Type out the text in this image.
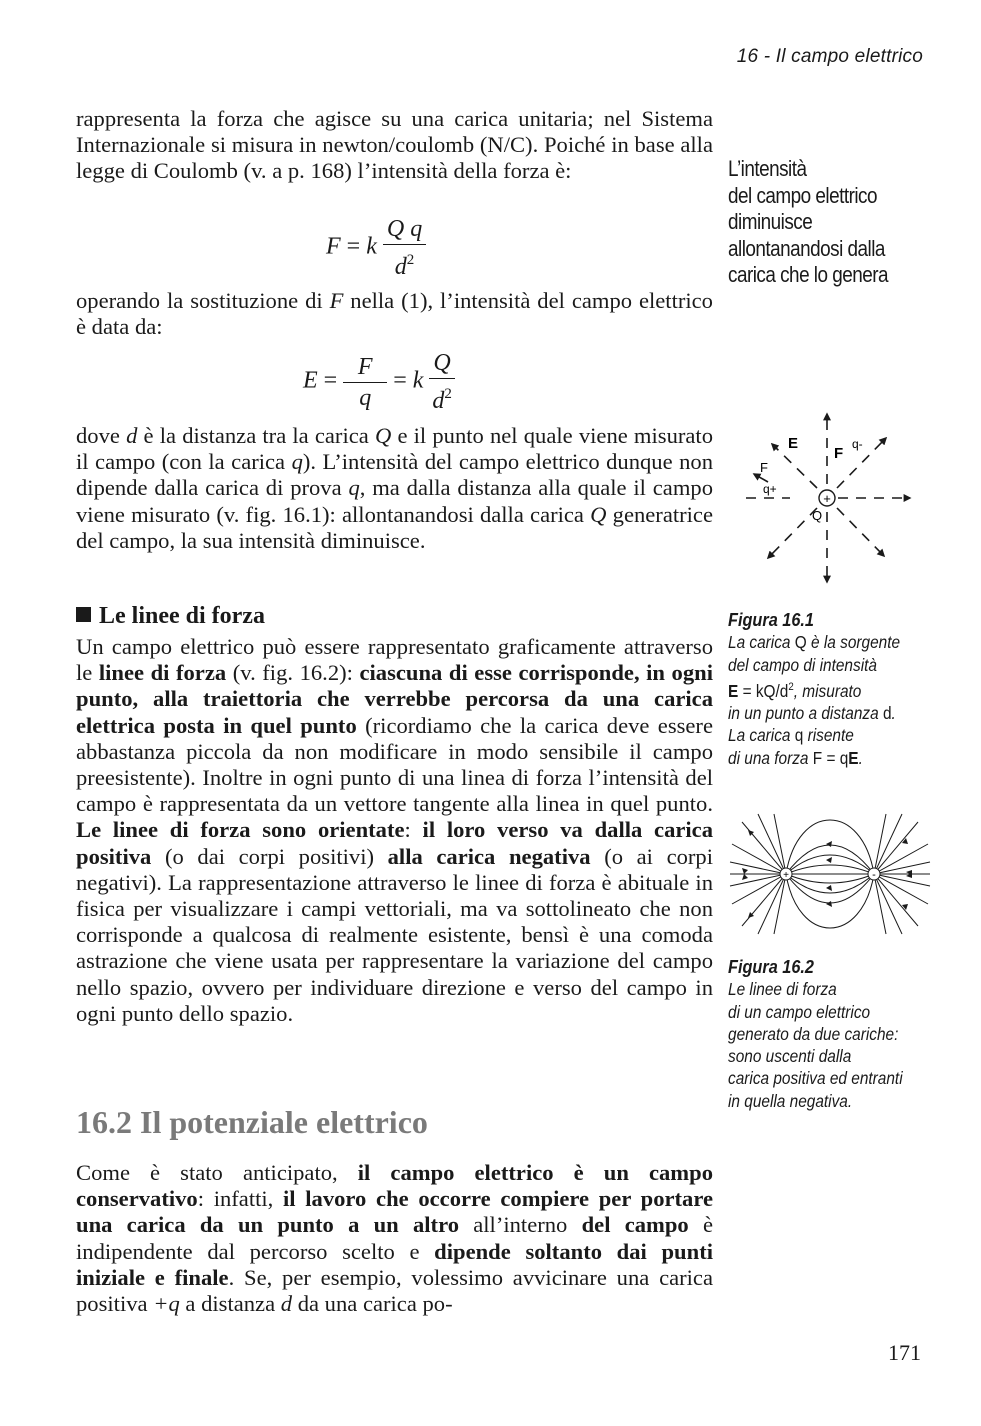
16 - Il campo elettrico

rappresenta la forza che agisce su una carica unitaria; nel Sistema Internazionale si misura in newton/coulomb (N/C). Poiché in base alla legge di Coulomb (v. a p. 168) l’intensità della forza è:

F = k $\frac{\text{Q q}}{d^2}$

operando la sostituzione di F nella (1), l’intensità del campo elettrico è data da:

$E = \frac{F}{q} = k \frac{Q}{d^2}$

dove d è la distanza tra la carica Q e il punto nel quale viene misurato il campo (con la carica q). L’intensità del campo elettrico dunque non dipende dalla carica di prova q, ma dalla distanza alla quale il campo viene misurato (v. fig. 16.1): allontanandosi dalla carica Q generatrice del campo, la sua intensità diminuisce.

Le linee di forza

Un campo elettrico può essere rappresentato graficamente attraverso le linee di forza (v. fig. 16.2): ciascuna di esse corrisponde, in ogni punto, alla traiettoria che verrebbe percorsa da una carica elettrica posta in quel punto (ricordiamo che la carica deve essere abbastanza piccola da non modificare in modo sensibile il campo preesistente). Inoltre in ogni punto di una linea di forza l’intensità del campo è rappresentata da un vettore tangente alla linea in quel punto. Le linee di forza sono orientate: il loro verso va dalla carica positiva (o dai corpi positivi) alla carica negativa (o ai corpi negativi). La rappresentazione attraverso le linee di forza è abituale in fisica per visualizzare i campi vettoriali, ma va sottolineato che non corrisponde a qualcosa di realmente esistente, bensì è una comoda astrazione che viene usata per rappresentare la variazione del campo nello spazio, ovvero per individuare direzione e verso del campo in ogni punto dello spazio.

16.2 Il potenziale elettrico

Come è stato anticipato, il campo elettrico è un campo conservativo: infatti, il lavoro che occorre compiere per portare una carica da un punto a un altro all’interno del campo è indipendente dal percorso scelto e dipende soltanto dai punti iniziale e finale. Se, per esempio, volessimo avvicinare una carica positiva +q a distanza d da una carica po-

L’intensità
del campo elettrico
diminuisce
allontanandosi dalla
carica che lo genera
+
Q
E
F
q-
F
q+
Figura 16.1
La carica Q è la sorgente
del campo di intensità
$E = kQ/d^2$, misurato
in un punto a distanza d.
La carica q risente
di una forza F = qE.
+	-
Figura 16.2
Le linee di forza
di un campo elettrico
generato da due cariche:
sono uscenti dalla
carica positiva ed entranti
in quella negativa.
171
